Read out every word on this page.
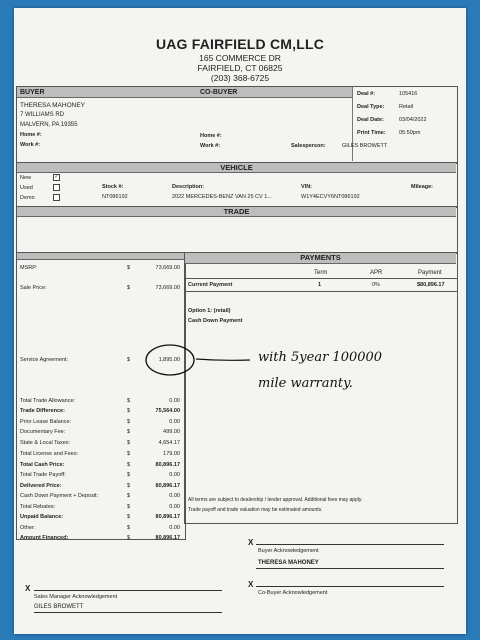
UAG FAIRFIELD CM,LLC
165 COMMERCE DR
FAIRFIELD, CT 06825
(203) 368-6725
BUYER	CO-BUYER
THERESA MAHONEY
7 WILLIAMS RD
MALVERN, PA 19355
Home #:
Work #:
Home #:
Work #:	Salesperson:	GILES BROWETT
Deal #:	105416
Deal Type:	Retail
Deal Date:	03/04/2022
Print Time: 05:50pm
VEHICLE
New
Used
Demo
✓
Stock #:
NT086192
Description:
2022 MERCEDES-BENZ VAN 25 CV 1...
VIN:
W1Y4ECVY6NT086192
Mileage:
TRADE
PAYMENTS
Term	APR	Payment
Current Payment	1	0%	$80,896.17
Option 1: (retail)
Cash Down Payment
All terms are subject to dealership / lender approval. Additional fees may apply.
Trade payoff and trade valuation may be estimated amounts.
with 5year 100000
mile warranty.
X
Buyer Acknowledgement
THERESA MAHONEY
X
Co-Buyer Acknowledgement
X
Sales Manager Acknowledgement
GILES BROWETT
MSRP:	$	73,669.00
Sale Price:	$	73,669.00
Service Agreement:	$	1,895.00
Total Trade Allowance:	$	0.00
Trade Difference:	$	75,564.00
Prior Lease Balance:	$	0.00
Documentary Fee:	$	499.00
State & Local Taxes:	$	4,654.17
Total License and Fees:	$	179.00
Total Cash Price:	$	80,896.17
Total Trade Payoff:	$	0.00
Delivered Price:	$	80,896.17
Cash Down Payment + Deposit:	$	0.00
Total Rebates:	$	0.00
Unpaid Balance:	$	80,896.17
Other:	$	0.00
Amount Financed:	$	80,896.17
